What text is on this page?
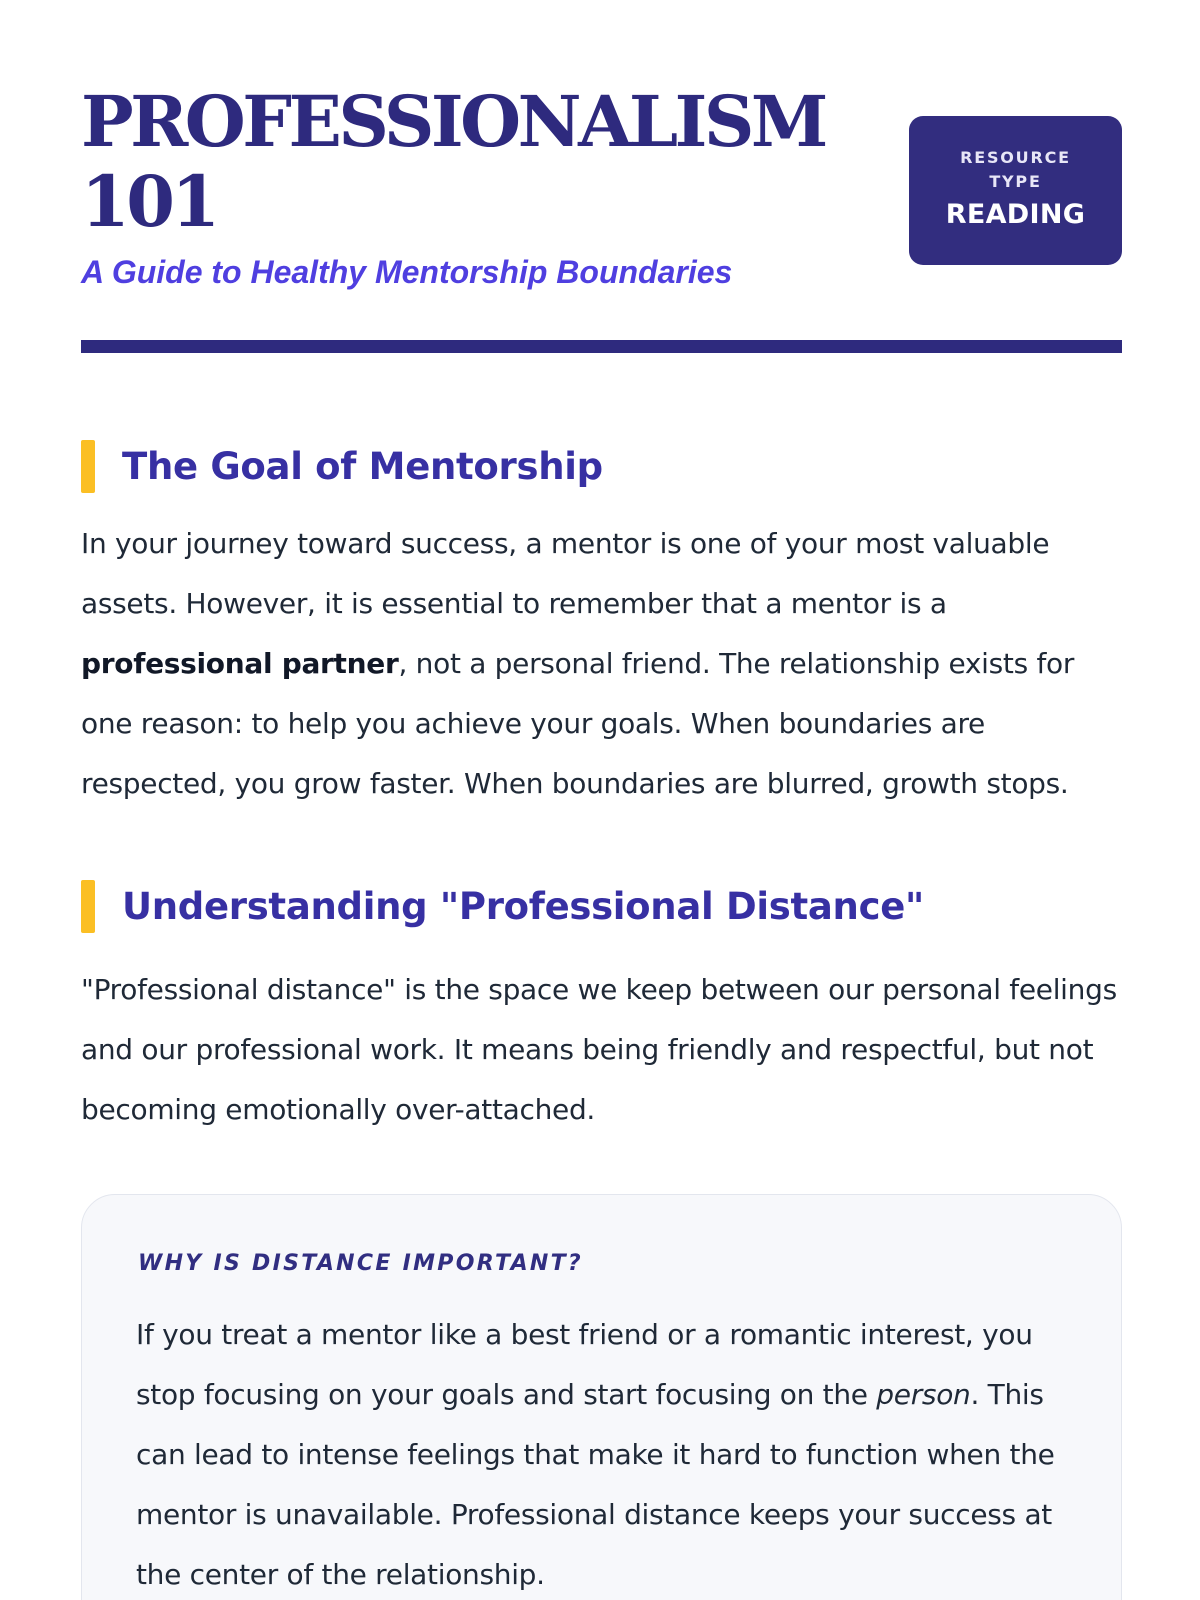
PROFESSIONALISM 101
A Guide to Healthy Mentorship Boundaries
RESOURCE TYPE
READING
The Goal of Mentorship

In your journey toward success, a mentor is one of your most valuable assets. However, it is essential to remember that a mentor is a professional partner, not a personal friend. The relationship exists for one reason: to help you achieve your goals. When boundaries are respected, you grow faster. When boundaries are blurred, growth stops.

Understanding "Professional Distance"

"Professional distance" is the space we keep between our personal feelings and our professional work. It means being friendly and respectful, but not becoming emotionally over-attached.

WHY IS DISTANCE IMPORTANT?

If you treat a mentor like a best friend or a romantic interest, you stop focusing on your goals and start focusing on the person. This can lead to intense feelings that make it hard to function when the mentor is unavailable. Professional distance keeps your success at the center of the relationship.
